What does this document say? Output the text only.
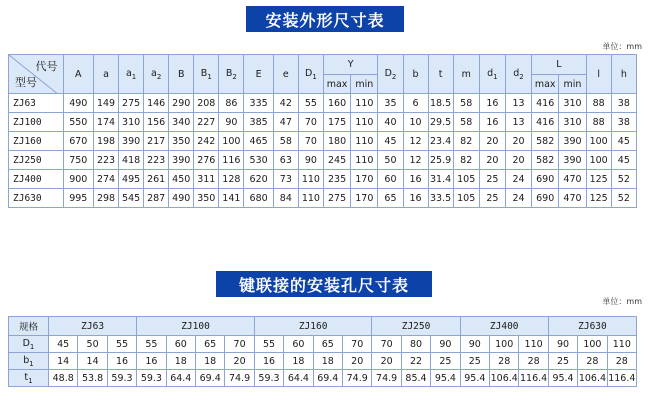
安装外形尺寸表
单位：mm
代号
型号	A	a	$a_1$	$a_2$	B	$B_1$	$B_2$	E	e	$D_1$	Y		$D_2$	b	t	m	$d_1$	$d_2$	L		l	h
											max	min							max	min		
ZJ63	490	149	275	146	290	208	86	335	42	55	160	110	35	6	18.5	58	16	13	416	310	88	38
ZJ100	550	174	310	156	340	227	90	385	47	70	175	110	40	10	29.5	58	16	13	416	310	88	38
ZJ160	670	198	390	217	350	242	100	465	58	70	180	110	45	12	23.4	82	20	20	582	390	100	45
ZJ250	750	223	418	223	390	276	116	530	63	90	245	110	50	12	25.9	82	20	20	582	390	100	45
ZJ400	900	274	495	261	450	311	128	620	73	110	235	170	60	16	31.4	105	25	24	690	470	125	52
ZJ630	995	298	545	287	490	350	141	680	84	110	275	170	65	16	33.5	105	25	24	690	470	125	52
键联接的安装孔尺寸表
单位：mm
规格	ZJ63			ZJ100				ZJ160				ZJ250			ZJ400			ZJ630		
$D_1$	45	50	55	55	60	65	70	55	60	65	70	70	80	90	90	100	110	90	100	110
$b_1$	14	14	16	16	18	18	20	16	18	18	20	20	22	25	25	28	28	25	28	28
$t_1$	48.8	53.8	59.3	59.3	64.4	69.4	74.9	59.3	64.4	69.4	74.9	74.9	85.4	95.4	95.4	106.4	116.4	95.4	106.4	116.4
